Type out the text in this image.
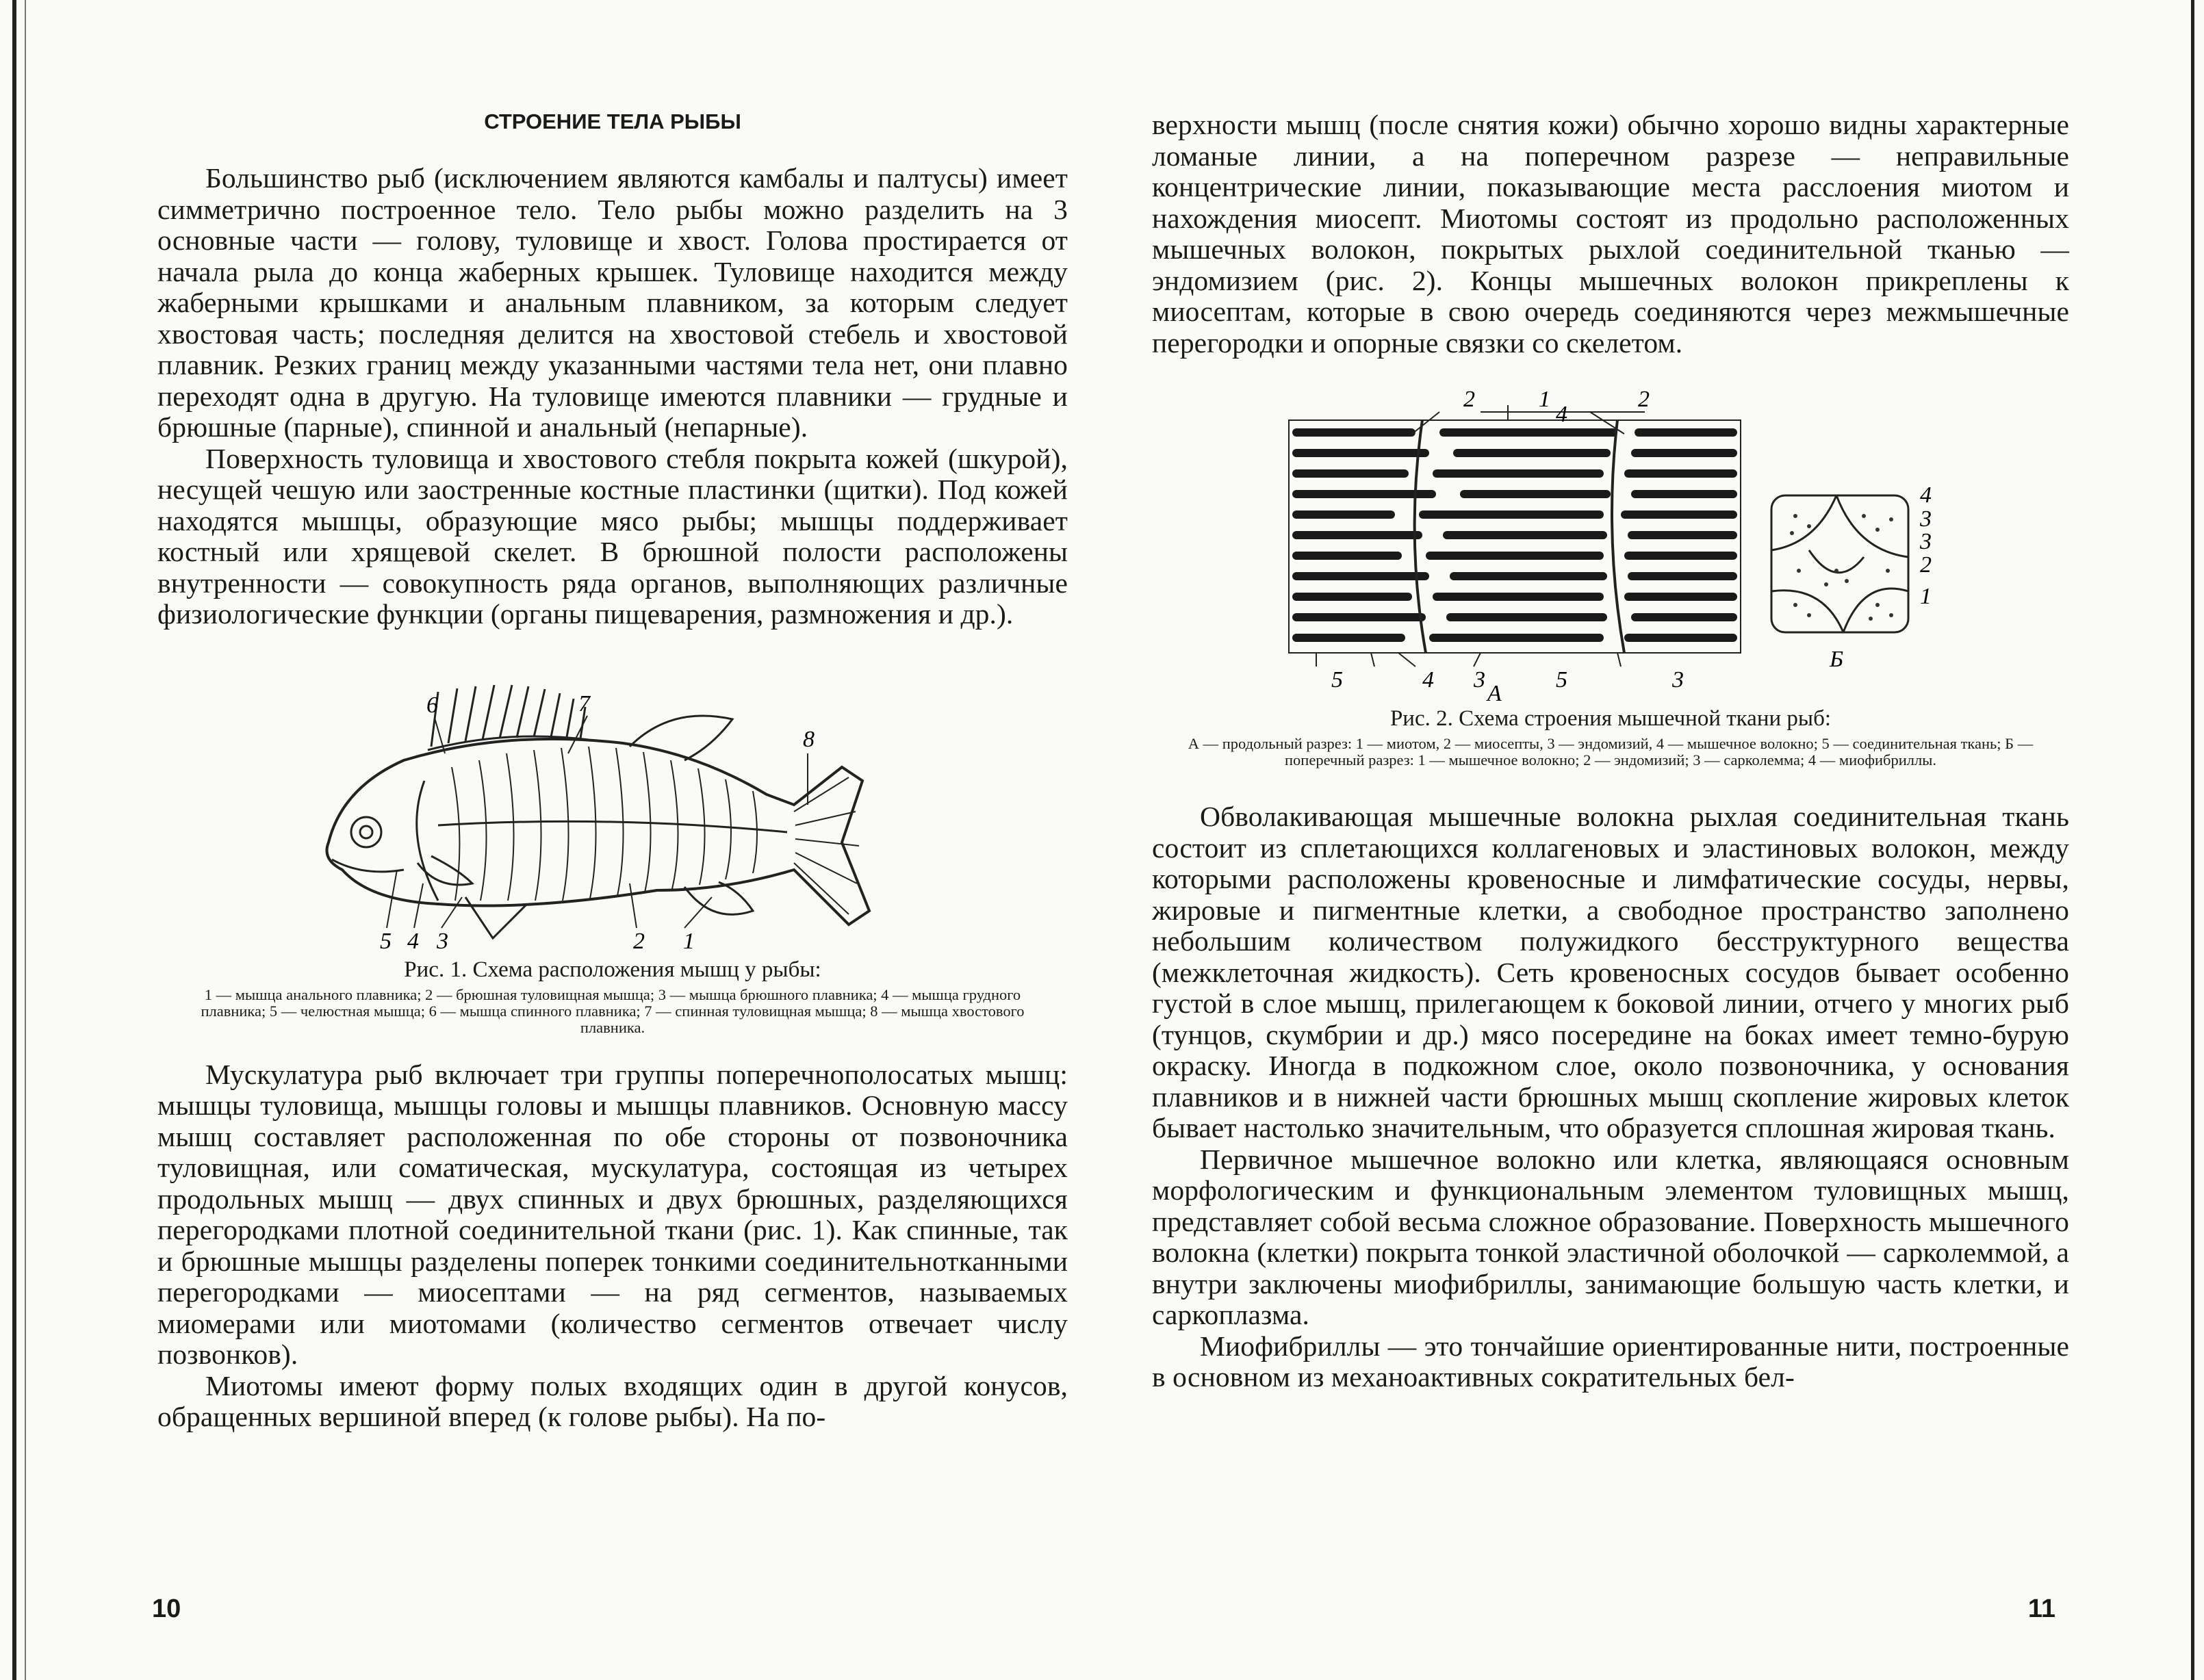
СТРОЕНИЕ ТЕЛА РЫБЫ

Большинство рыб (исключением являются камбалы и палтусы) имеет симметрично построенное тело. Тело рыбы можно разделить на 3 основные части — голову, туловище и хвост. Голова простирается от начала рыла до конца жаберных крышек. Туловище находится между жаберными крышками и анальным плавником, за которым следует хвостовая часть; последняя делится на хвостовой стебель и хвостовой плавник. Резких границ между указанными частями тела нет, они плавно переходят одна в другую. На туловище имеются плавники — грудные и брюшные (парные), спинной и анальный (непарные).

Поверхность туловища и хвостового стебля покрыта кожей (шкурой), несущей чешую или заостренные костные пластинки (щитки). Под кожей находятся мышцы, образующие мясо рыбы; мышцы поддерживает костный или хрящевой скелет. В брюшной полости расположены внутренности — совокупность ряда органов, выполняющих различные физиологические функции (органы пищеварения, размножения и др.).

6	7
8
5 4 3	2 1
Рис. 1. Схема расположения мышц у рыбы:
1 — мышца анального плавника; 2 — брюшная туловищная мышца; 3 — мышца брюшного плавника; 4 — мышца грудного плавника; 5 — челюстная мышца; 6 — мышца спинного плавника; 7 — спинная туловищная мышца; 8 — мышца хвостового плавника.

Мускулатура рыб включает три группы поперечнополосатых мышц: мышцы туловища, мышцы головы и мышцы плавников. Основную массу мышц составляет расположенная по обе стороны от позвоночника туловищная, или соматическая, мускулатура, состоящая из четырех продольных мышц — двух спинных и двух брюшных, разделяющихся перегородками плотной соединительной ткани (рис. 1). Как спинные, так и брюшные мышцы разделены поперек тонкими соединительнотканными перегородками — миосептами — на ряд сегментов, называемых миомерами или миотомами (количество сегментов отвечает числу позвонков).

Миотомы имеют форму полых входящих один в другой конусов, обращенных вершиной вперед (к голове рыбы). На по-

10

верхности мышц (после снятия кожи) обычно хорошо видны характерные ломаные линии, а на поперечном разрезе — неправильные концентрические линии, показывающие места расслоения миотом и нахождения миосепт. Миотомы состоят из продольно расположенных мышечных волокон, покрытых рыхлой соединительной тканью — эндомизием (рис. 2). Концы мышечных волокон прикреплены к миосептам, которые в свою очередь соединяются через межмышечные перегородки и опорные связки со скелетом.

2	1
4
2
5	4 3	5	3
А
4
3
3
2
1
Б
Рис. 2. Схема строения мышечной ткани рыб:
А — продольный разрез: 1 — миотом, 2 — миосепты, 3 — эндомизий, 4 — мышечное волокно; 5 — соединительная ткань; Б — поперечный разрез: 1 — мышечное волокно; 2 — эндомизий; 3 — сарколемма; 4 — миофибриллы.

Обволакивающая мышечные волокна рыхлая соединительная ткань состоит из сплетающихся коллагеновых и эластиновых волокон, между которыми расположены кровеносные и лимфатические сосуды, нервы, жировые и пигментные клетки, а свободное пространство заполнено небольшим количеством полужидкого бесструктурного вещества (межклеточная жидкость). Сеть кровеносных сосудов бывает особенно густой в слое мышц, прилегающем к боковой линии, отчего у многих рыб (тунцов, скумбрии и др.) мясо посередине на боках имеет темно-бурую окраску. Иногда в подкожном слое, около позвоночника, у основания плавников и в нижней части брюшных мышц скопление жировых клеток бывает настолько значительным, что образуется сплошная жировая ткань.

Первичное мышечное волокно или клетка, являющаяся основным морфологическим и функциональным элементом туловищных мышц, представляет собой весьма сложное образование. Поверхность мышечного волокна (клетки) покрыта тонкой эластичной оболочкой — сарколеммой, а внутри заключены миофибриллы, занимающие большую часть клетки, и саркоплазма.

Миофибриллы — это тончайшие ориентированные нити, построенные в основном из механоактивных сократительных бел-

11
